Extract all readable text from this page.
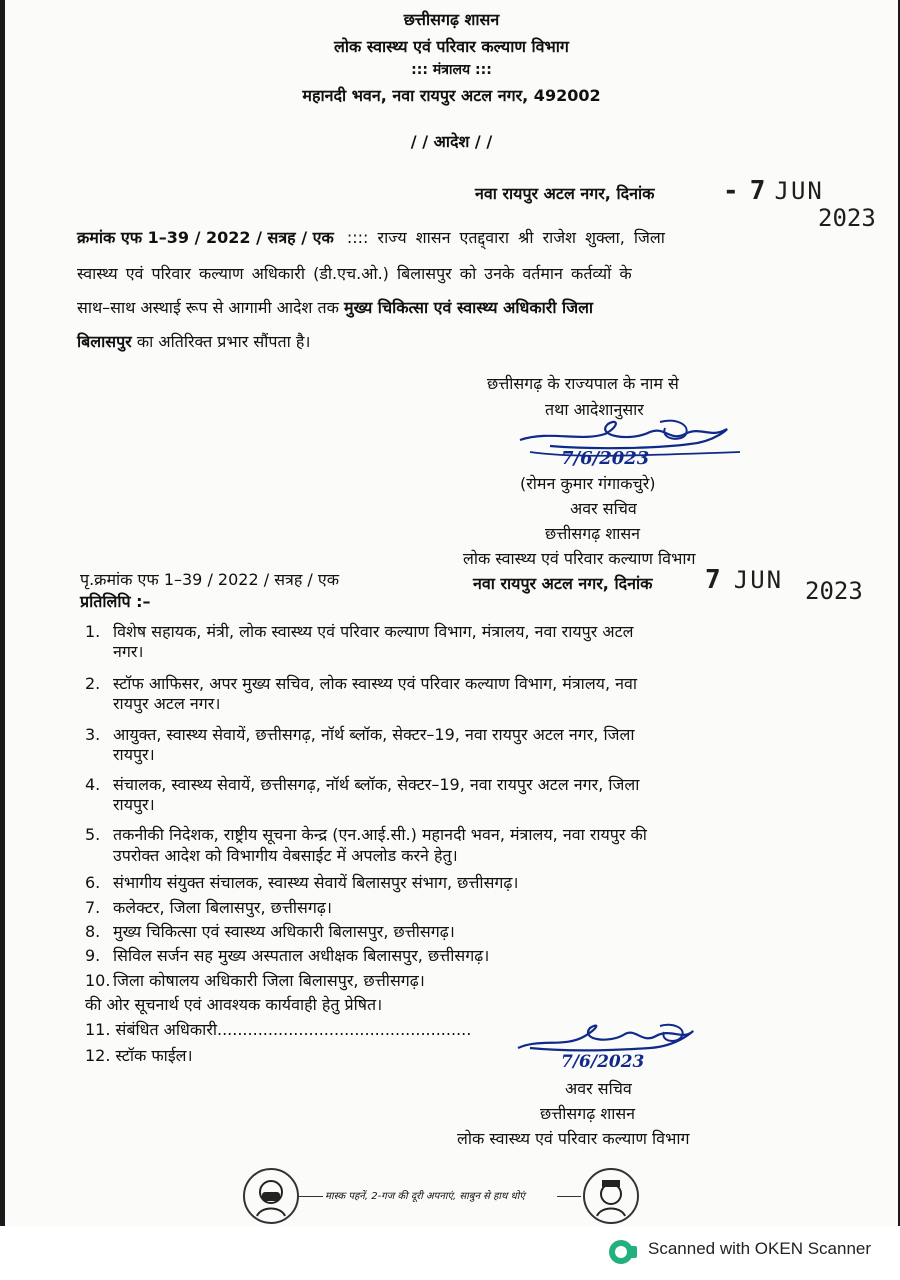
छत्तीसगढ़ शासन
लोक स्वास्थ्य एवं परिवार कल्याण विभाग
::: मंत्रालय :::
महानदी भवन, नवा रायपुर अटल नगर, 492002
/ / आदेश / /
नवा रायपुर अटल नगर, दिनांक	- 7 JUN
2023
क्रमांक एफ 1–39 / 2022 / सत्रह / एक :::: राज्य शासन एतद्द्वारा श्री राजेश शुक्ला, जिला
स्वास्थ्य एवं परिवार कल्याण अधिकारी (डी.एच.ओ.) बिलासपुर को उनके वर्तमान कर्तव्यों के
साथ–साथ अस्थाई रूप से आगामी आदेश तक मुख्य चिकित्सा एवं स्वास्थ्य अधिकारी जिला
बिलासपुर का अतिरिक्त प्रभार सौंपता है।
छत्तीसगढ़ के राज्यपाल के नाम से
तथा आदेशानुसार
7/6/2023
(रोमन कुमार गंगाकचुरे)
अवर सचिव
छत्तीसगढ़ शासन
लोक स्वास्थ्य एवं परिवार कल्याण विभाग
पृ.क्रमांक एफ 1–39 / 2022 / सत्रह / एक	नवा रायपुर अटल नगर, दिनांक 7 JUN 2023
प्रतिलिपि :–
1. विशेष सहायक, मंत्री, लोक स्वास्थ्य एवं परिवार कल्याण विभाग, मंत्रालय, नवा रायपुर अटल
नगर।
2. स्टॉफ आफिसर, अपर मुख्य सचिव, लोक स्वास्थ्य एवं परिवार कल्याण विभाग, मंत्रालय, नवा
रायपुर अटल नगर।
3. आयुक्त, स्वास्थ्य सेवायें, छत्तीसगढ़, नॉर्थ ब्लॉक, सेक्टर–19, नवा रायपुर अटल नगर, जिला
रायपुर।
4. संचालक, स्वास्थ्य सेवायें, छत्तीसगढ़, नॉर्थ ब्लॉक, सेक्टर–19, नवा रायपुर अटल नगर, जिला
रायपुर।
5. तकनीकी निदेशक, राष्ट्रीय सूचना केन्द्र (एन.आई.सी.) महानदी भवन, मंत्रालय, नवा रायपुर की
उपरोक्त आदेश को विभागीय वेबसाईट में अपलोड करने हेतु।
6. संभागीय संयुक्त संचालक, स्वास्थ्य सेवायें बिलासपुर संभाग, छत्तीसगढ़।
7. कलेक्टर, जिला बिलासपुर, छत्तीसगढ़।
8. मुख्य चिकित्सा एवं स्वास्थ्य अधिकारी बिलासपुर, छत्तीसगढ़।
9. सिविल सर्जन सह मुख्य अस्पताल अधीक्षक बिलासपुर, छत्तीसगढ़।
10. जिला कोषालय अधिकारी जिला बिलासपुर, छत्तीसगढ़।
की ओर सूचनार्थ एवं आवश्यक कार्यवाही हेतु प्रेषित।
11. संबंधित अधिकारी..................................................
12. स्टॉक फाईल।	7/6/2023
अवर सचिव
छत्तीसगढ़ शासन
लोक स्वास्थ्य एवं परिवार कल्याण विभाग
मास्क पहनें, 2-गज की दूरी अपनाएं, साबुन से हाथ धोएं
Scanned with OKEN Scanner
